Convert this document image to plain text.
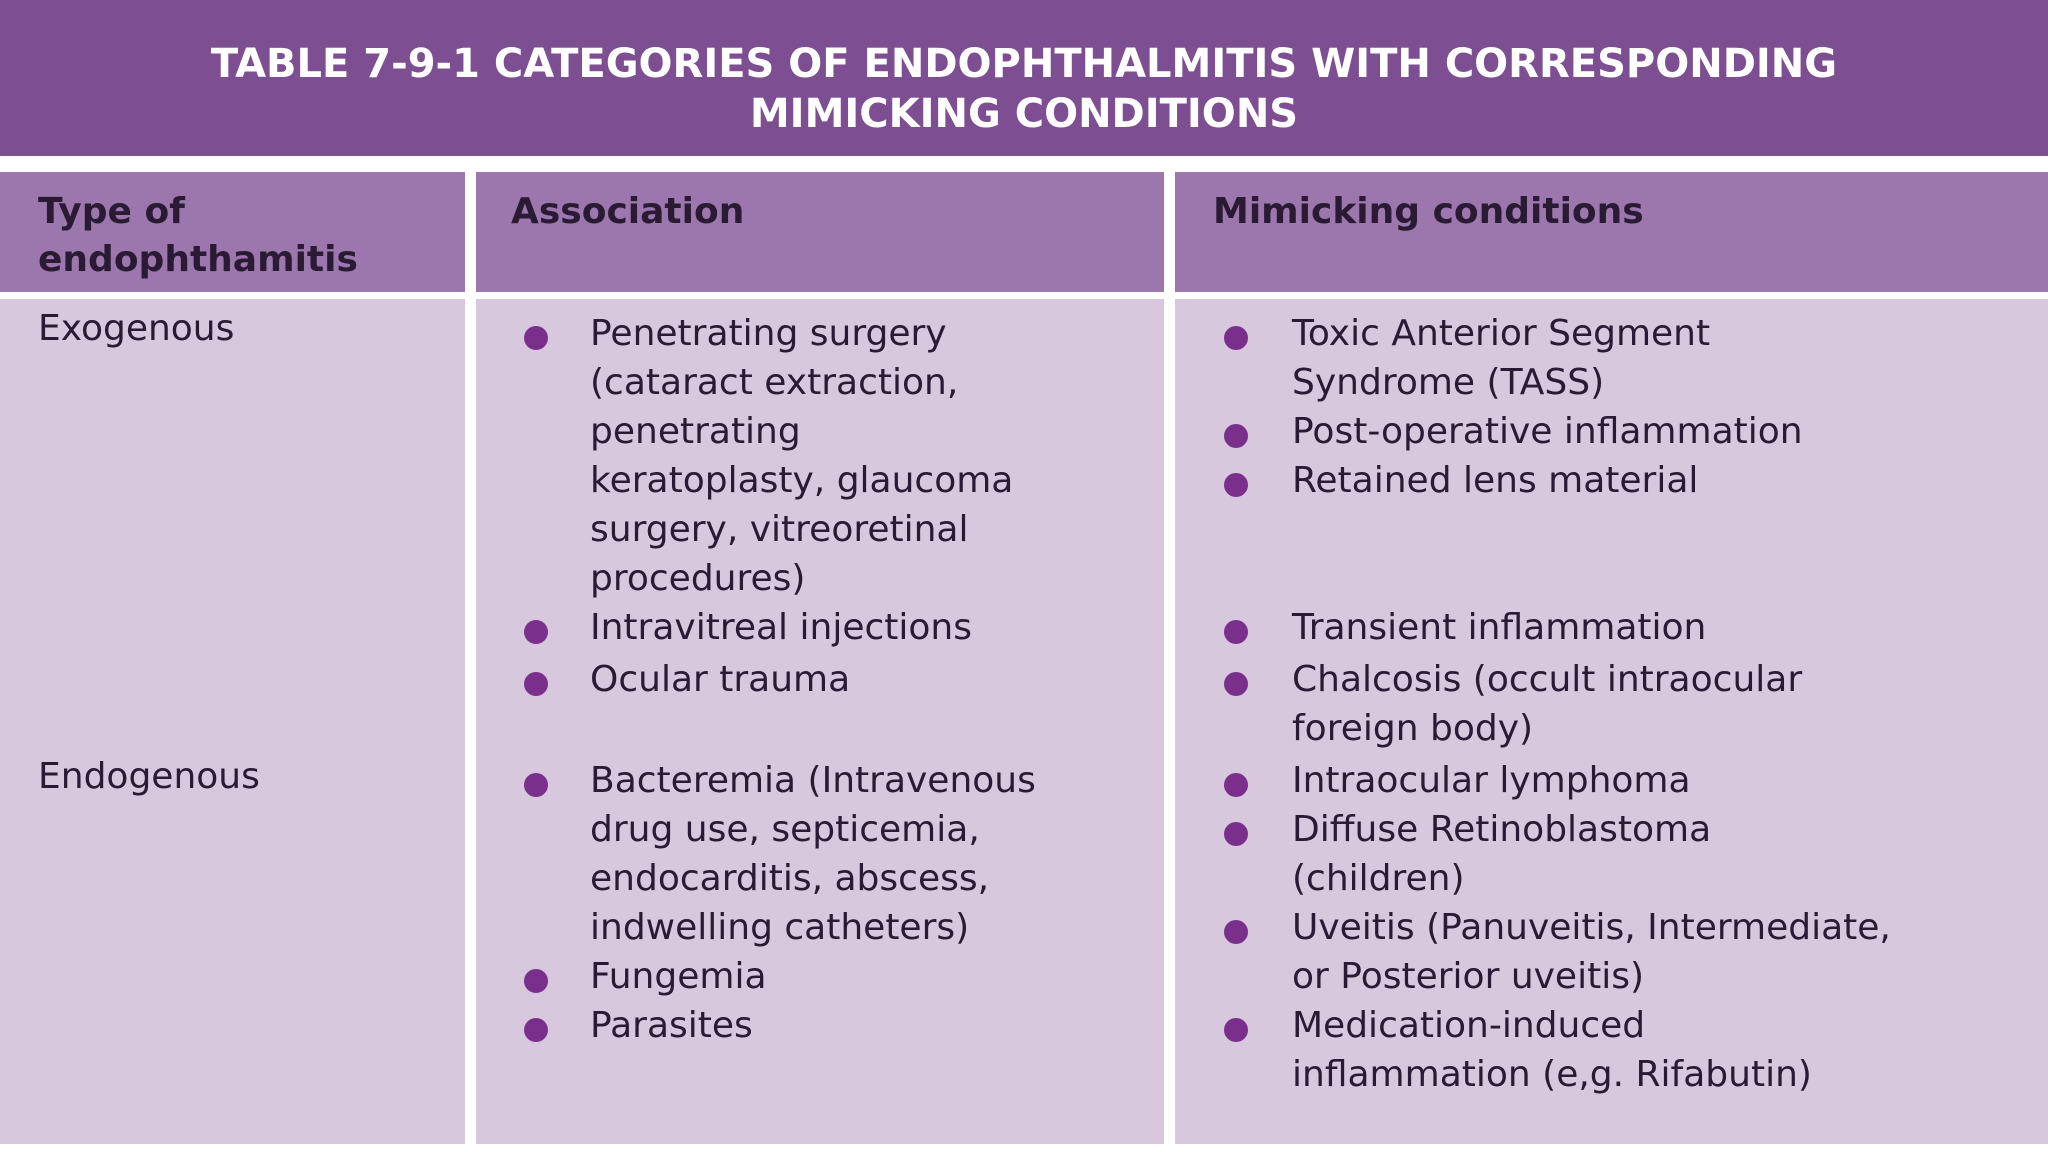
TABLE 7-9-1 CATEGORIES OF ENDOPHTHALMITIS WITH CORRESPONDING
MIMICKING CONDITIONS
Type of
endophthamitis
Association	Mimicking conditions
Exogenous
Endogenous
Penetrating surgery
(cataract extraction,
penetrating
keratoplasty, glaucoma
surgery, vitreoretinal
procedures)
Intravitreal injections
Ocular trauma
Bacteremia (Intravenous
drug use, septicemia,
endocarditis, abscess,
indwelling catheters)
Fungemia
Parasites
Toxic Anterior Segment
Syndrome (TASS)
Post-operative inflammation
Retained lens material
Transient inflammation
Chalcosis (occult intraocular
foreign body)
Intraocular lymphoma
Diffuse Retinoblastoma
(children)
Uveitis (Panuveitis, Intermediate,
or Posterior uveitis)
Medication-induced
inflammation (e,g. Rifabutin)
